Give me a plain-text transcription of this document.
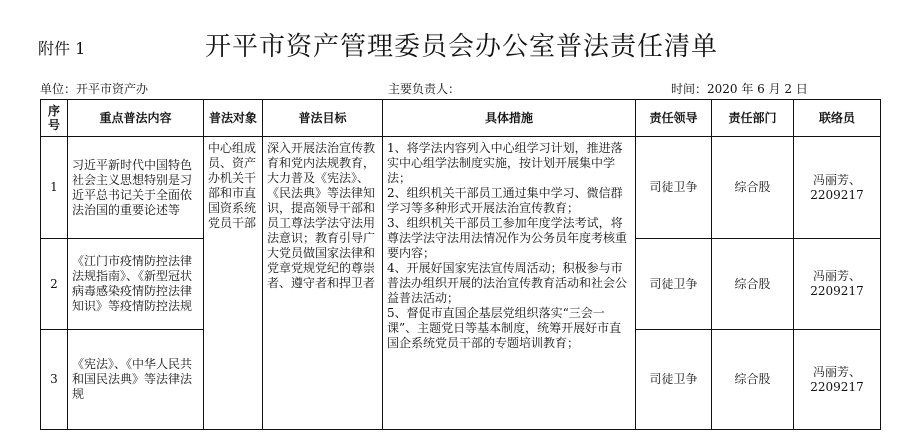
附件 1	开平市资产管理委员会办公室普法责任清单
单位：开平市资产办	主要负责人：	时间：2020 年 6 月 2 日
序
号	重点普法内容	普法对象	普法目标	具体措施	责任领导	责任部门	联络员
1	习近平新时代中国特色社会主义思想特别是习近平总书记关于全面依法治国的重要论述等	中心组成员、资产办机关干部和市直国资系统党员干部	深入开展法治宣传教育和党内法规教育，大力普及《宪法》、《民法典》等法律知识，提高领导干部和员工尊法学法守法用法意识；教育引导广大党员做国家法律和党章党规党纪的尊崇者、遵守者和捍卫者	1、将学法内容列入中心组学习计划，推进落实中心组学法制度实施，按计划开展集中学法；
2、组织机关干部员工通过集中学习、微信群学习等多种形式开展法治宣传教育；
3、组织机关干部员工参加年度学法考试，将尊法学法守法用法情况作为公务员年度考核重要内容；
4、开展好国家宪法宣传周活动；积极参与市普法办组织开展的法治宣传教育活动和社会公益普法活动；
5、督促市直国企基层党组织落实“三会一课”、主题党日等基本制度，统筹开展好市直国企系统党员干部的专题培训教育；	司徒卫争	综合股	冯丽芳、2209217
2	《江门市疫情防控法律法规指南》、《新型冠状病毒感染疫情防控法律知识》等疫情防控法规				司徒卫争	综合股	冯丽芳、2209217
3	《宪法》、《中华人民共和国民法典》等法律法规				司徒卫争	综合股	冯丽芳、2209217
